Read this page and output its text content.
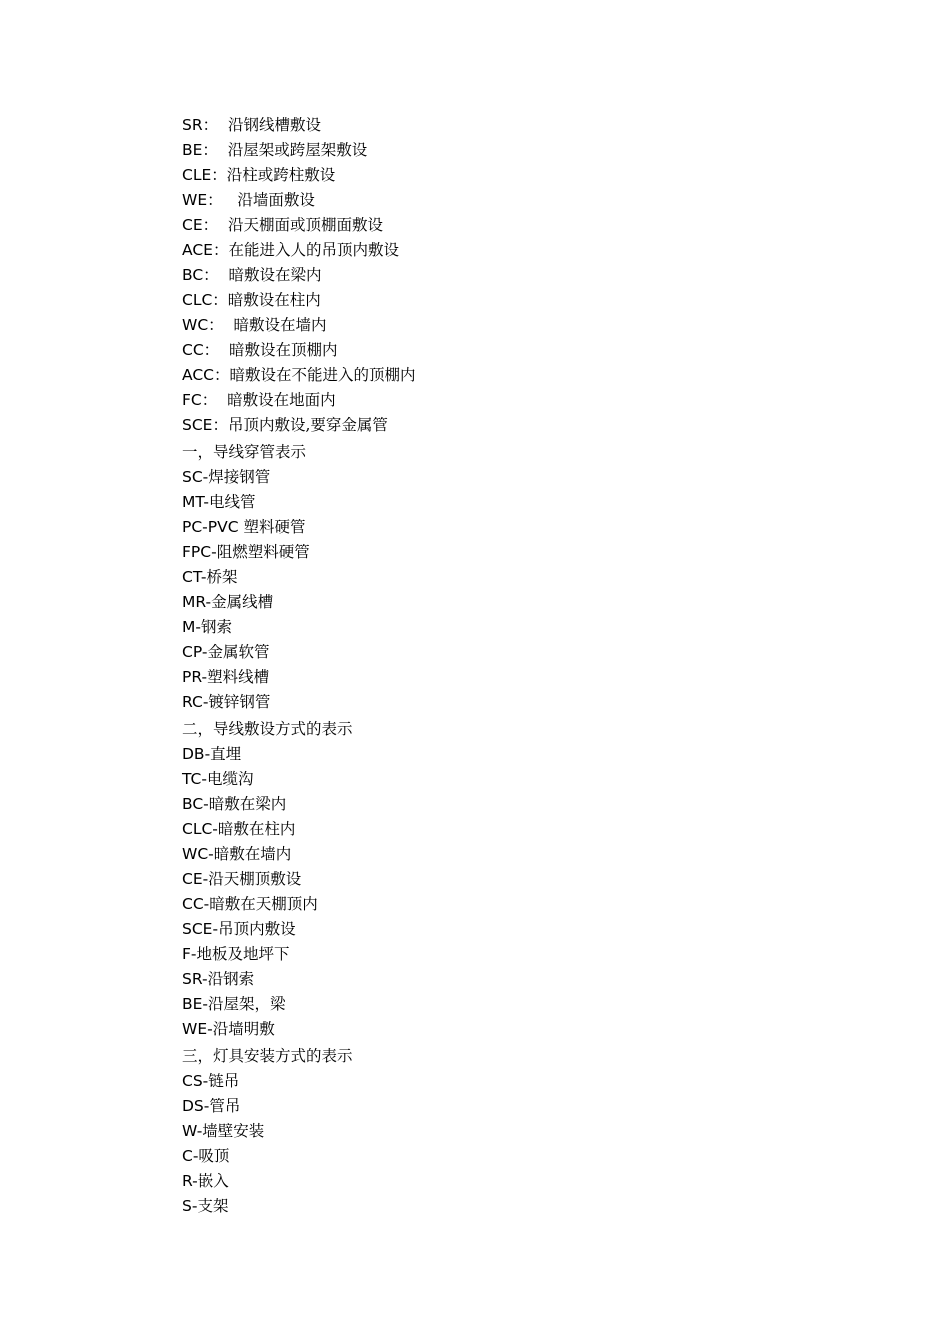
SR：  沿钢线槽敷设
BE：  沿屋架或跨屋架敷设
CLE：沿柱或跨柱敷设
WE：   沿墙面敷设
CE：  沿天棚面或顶棚面敷设
ACE：在能进入人的吊顶内敷设
BC：  暗敷设在梁内
CLC：暗敷设在柱内
WC：  暗敷设在墙内
CC：  暗敷设在顶棚内
ACC：暗敷设在不能进入的顶棚内
FC：  暗敷设在地面内
SCE：吊顶内敷设,要穿金属管
一，导线穿管表示
SC-焊接钢管
MT-电线管
PC-PVC 塑料硬管
FPC-阻燃塑料硬管
CT-桥架
MR-金属线槽
M-钢索
CP-金属软管
PR-塑料线槽
RC-镀锌钢管
二，导线敷设方式的表示
DB-直埋
TC-电缆沟
BC-暗敷在梁内
CLC-暗敷在柱内
WC-暗敷在墙内
CE-沿天棚顶敷设
CC-暗敷在天棚顶内
SCE-吊顶内敷设
F-地板及地坪下
SR-沿钢索
BE-沿屋架，梁
WE-沿墙明敷
三，灯具安装方式的表示
CS-链吊
DS-管吊
W-墙壁安装
C-吸顶
R-嵌入
S-支架
